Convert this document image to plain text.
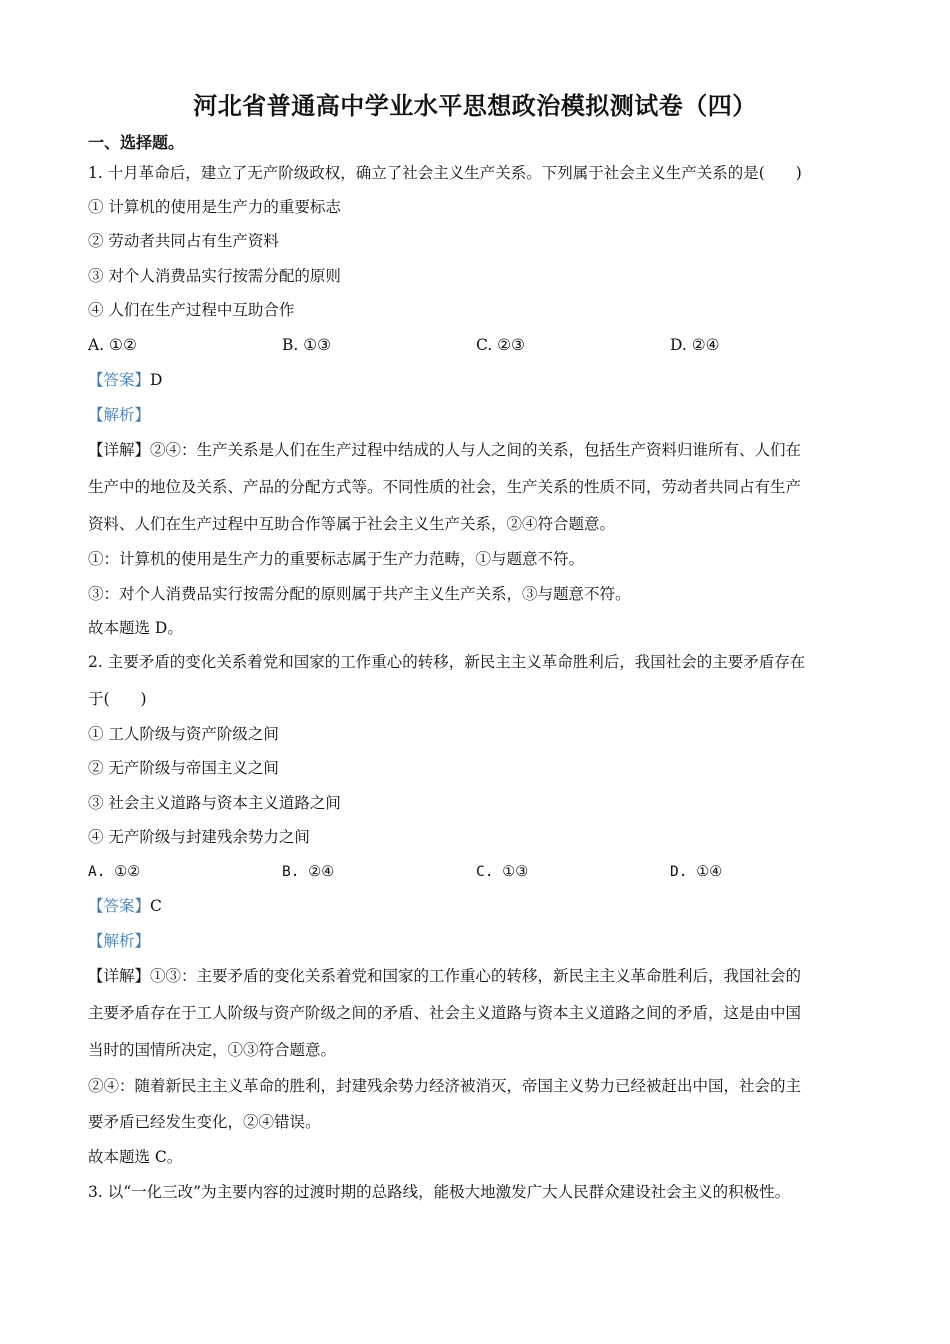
河北省普通高中学业水平思想政治模拟测试卷（四）
一、选择题。
1. 十月革命后，建立了无产阶级政权，确立了社会主义生产关系。下列属于社会主义生产关系的是(　　)
① 计算机的使用是生产力的重要标志
② 劳动者共同占有生产资料
③ 对个人消费品实行按需分配的原则
④ 人们在生产过程中互助合作
A. ①②	B. ①③	C. ②③	D. ②④
【答案】D
【解析】
【详解】②④：生产关系是人们在生产过程中结成的人与人之间的关系，包括生产资料归谁所有、人们在
生产中的地位及关系、产品的分配方式等。不同性质的社会，生产关系的性质不同，劳动者共同占有生产
资料、人们在生产过程中互助合作等属于社会主义生产关系，②④符合题意。
①：计算机的使用是生产力的重要标志属于生产力范畴，①与题意不符。
③：对个人消费品实行按需分配的原则属于共产主义生产关系，③与题意不符。
故本题选 D。
2. 主要矛盾的变化关系着党和国家的工作重心的转移，新民主主义革命胜利后，我国社会的主要矛盾存在
于(　　)
① 工人阶级与资产阶级之间
② 无产阶级与帝国主义之间
③ 社会主义道路与资本主义道路之间
④ 无产阶级与封建残余势力之间
A. ①②	B. ②④	C. ①③	D. ①④
【答案】C
【解析】
【详解】①③：主要矛盾的变化关系着党和国家的工作重心的转移，新民主主义革命胜利后，我国社会的
主要矛盾存在于工人阶级与资产阶级之间的矛盾、社会主义道路与资本主义道路之间的矛盾，这是由中国
当时的国情所决定，①③符合题意。
②④：随着新民主主义革命的胜利，封建残余势力经济被消灭，帝国主义势力已经被赶出中国，社会的主
要矛盾已经发生变化，②④错误。
故本题选 C。
3. 以“一化三改”为主要内容的过渡时期的总路线，能极大地激发广大人民群众建设社会主义的积极性。
